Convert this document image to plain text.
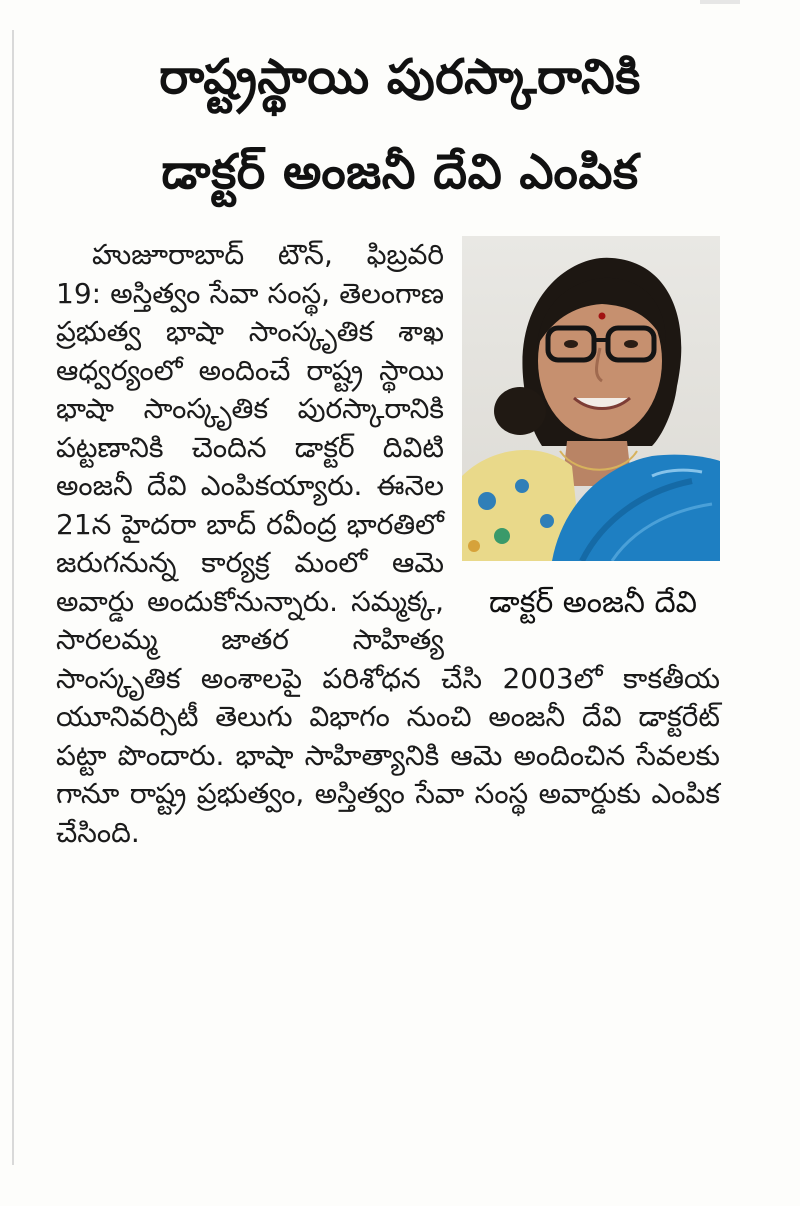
రాష్ట్రస్థాయి పురస్కారానికి
డాక్టర్ అంజనీ దేవి ఎంపిక
డాక్టర్ అంజనీ దేవి

హుజూరాబాద్ టౌన్, ఫిబ్రవరి 19: అస్తిత్వం సేవా సంస్థ, తెలంగాణ ప్రభుత్వ భాషా సాంస్కృతిక శాఖ ఆధ్వర్యంలో అందించే రాష్ట్ర స్థాయి భాషా సాంస్కృతిక పురస్కారానికి పట్టణానికి చెందిన డాక్టర్ దివిటి అంజనీ దేవి ఎంపికయ్యారు. ఈనెల 21న హైదరా బాద్ రవీంద్ర భారతిలో జరుగనున్న కార్యక్ర మంలో ఆమె అవార్డు అందుకోనున్నారు. సమ్మక్క, సారలమ్మ జాతర సాహిత్య సాంస్కృతిక అంశాలపై పరిశోధన చేసి 2003లో కాకతీయ యూనివర్సిటీ తెలుగు విభాగం నుంచి అంజనీ దేవి డాక్టరేట్ పట్టా పొందారు. భాషా సాహిత్యానికి ఆమె అందించిన సేవలకు గానూ రాష్ట్ర ప్రభుత్వం, అస్తిత్వం సేవా సంస్థ అవార్డుకు ఎంపిక చేసింది.
